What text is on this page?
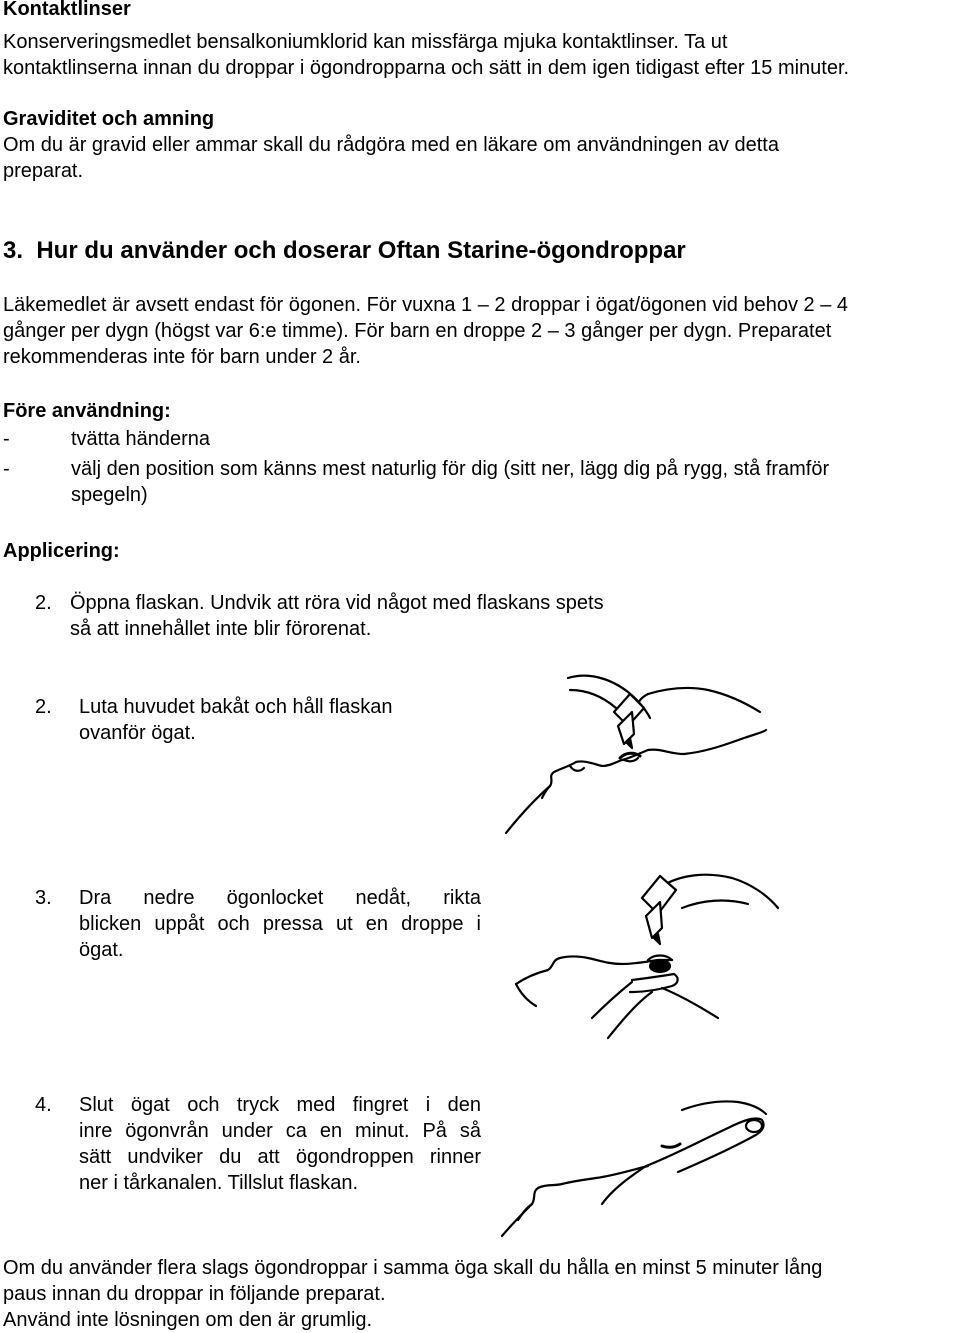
Kontaktlinser

Konserveringsmedlet bensalkoniumklorid kan missfärga mjuka kontaktlinser. Ta ut

kontaktlinserna innan du droppar i ögondropparna och sätt in dem igen tidigast efter 15 minuter.

Graviditet och amning

Om du är gravid eller ammar skall du rådgöra med en läkare om användningen av detta

preparat.

3.  Hur du använder och doserar Oftan Starine-ögondroppar

Läkemedlet är avsett endast för ögonen. För vuxna 1 – 2 droppar i ögat/ögonen vid behov 2 – 4

gånger per dygn (högst var 6:e timme). För barn en droppe 2 – 3 gånger per dygn. Preparatet

rekommenderas inte för barn under 2 år.

Före användning:

-	tvätta händerna
-	välj den position som känns mest naturlig för dig (sitt ner, lägg dig på rygg, stå framför
spegeln)

Applicering:

2. Öppna flaskan. Undvik att röra vid något med flaskans spets
så att innehållet inte blir förorenat.
2.	Luta huvudet bakåt och håll flaskan
ovanför ögat.
3.	Dra nedre ögonlocket nedåt, rikta
blicken uppåt och pressa ut en droppe i
ögat.
4.	Slut ögat och tryck med fingret i den
inre ögonvrån under ca en minut. På så
sätt undviker du att ögondroppen rinner
ner i tårkanalen. Tillslut flaskan.

Om du använder flera slags ögondroppar i samma öga skall du hålla en minst 5 minuter lång

paus innan du droppar in följande preparat.

Använd inte lösningen om den är grumlig.
